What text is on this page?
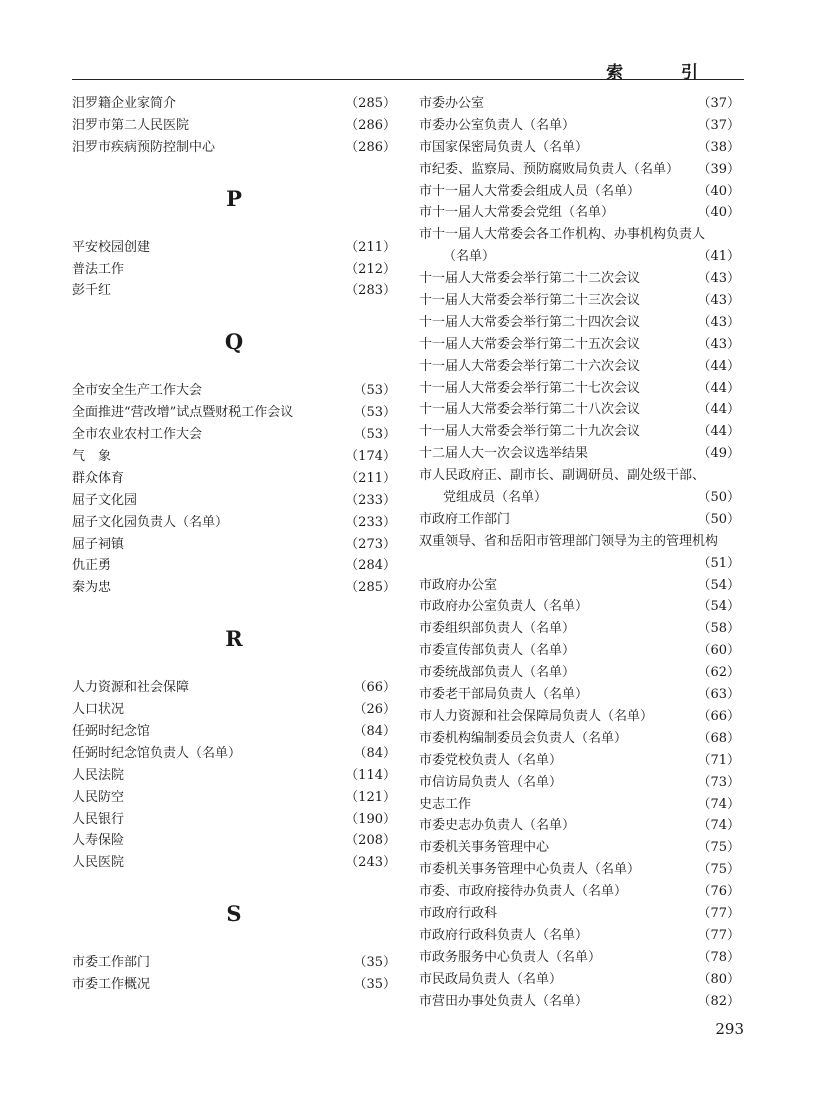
索 引
汨罗籍企业家简介	（285）
汨罗市第二人民医院	（286）
汨罗市疾病预防控制中心	（286）
P
平安校园创建	（211）
普法工作	（212）
彭千红	（283）
Q
全市安全生产工作大会	（53）
全面推进“营改增”试点暨财税工作会议	（53）
全市农业农村工作大会	（53）
气　象	（174）
群众体育	（211）
屈子文化园	（233）
屈子文化园负责人（名单）	（233）
屈子祠镇	（273）
仇正勇	（284）
秦为忠	（285）
R
人力资源和社会保障	（66）
人口状况	（26）
任弼时纪念馆	（84）
任弼时纪念馆负责人（名单）	（84）
人民法院	（114）
人民防空	（121）
人民银行	（190）
人寿保险	（208）
人民医院	（243）
S
市委工作部门	（35）
市委工作概况	（35）
市委办公室	（37）
市委办公室负责人（名单）	（37）
市国家保密局负责人（名单）	（38）
市纪委、监察局、预防腐败局负责人（名单） （39）
市十一届人大常委会组成人员（名单）	（40）
市十一届人大常委会党组（名单）	（40）
市十一届人大常委会各工作机构、办事机构负责人
（名单）	（41）
十一届人大常委会举行第二十二次会议	（43）
十一届人大常委会举行第二十三次会议	（43）
十一届人大常委会举行第二十四次会议	（43）
十一届人大常委会举行第二十五次会议	（43）
十一届人大常委会举行第二十六次会议	（44）
十一届人大常委会举行第二十七次会议	（44）
十一届人大常委会举行第二十八次会议	（44）
十一届人大常委会举行第二十九次会议	（44）
十二届人大一次会议选举结果	（49）
市人民政府正、副市长、副调研员、副处级干部、
党组成员（名单）	（50）
市政府工作部门	（50）
双重领导、省和岳阳市管理部门领导为主的管理机构
（51）
市政府办公室	（54）
市政府办公室负责人（名单）	（54）
市委组织部负责人（名单）	（58）
市委宣传部负责人（名单）	（60）
市委统战部负责人（名单）	（62）
市委老干部局负责人（名单）	（63）
市人力资源和社会保障局负责人（名单）	（66）
市委机构编制委员会负责人（名单）	（68）
市委党校负责人（名单）	（71）
市信访局负责人（名单）	（73）
史志工作	（74）
市委史志办负责人（名单）	（74）
市委机关事务管理中心	（75）
市委机关事务管理中心负责人（名单）	（75）
市委、市政府接待办负责人（名单）	（76）
市政府行政科	（77）
市政府行政科负责人（名单）	（77）
市政务服务中心负责人（名单）	（78）
市民政局负责人（名单）	（80）
市营田办事处负责人（名单）	（82）
293
